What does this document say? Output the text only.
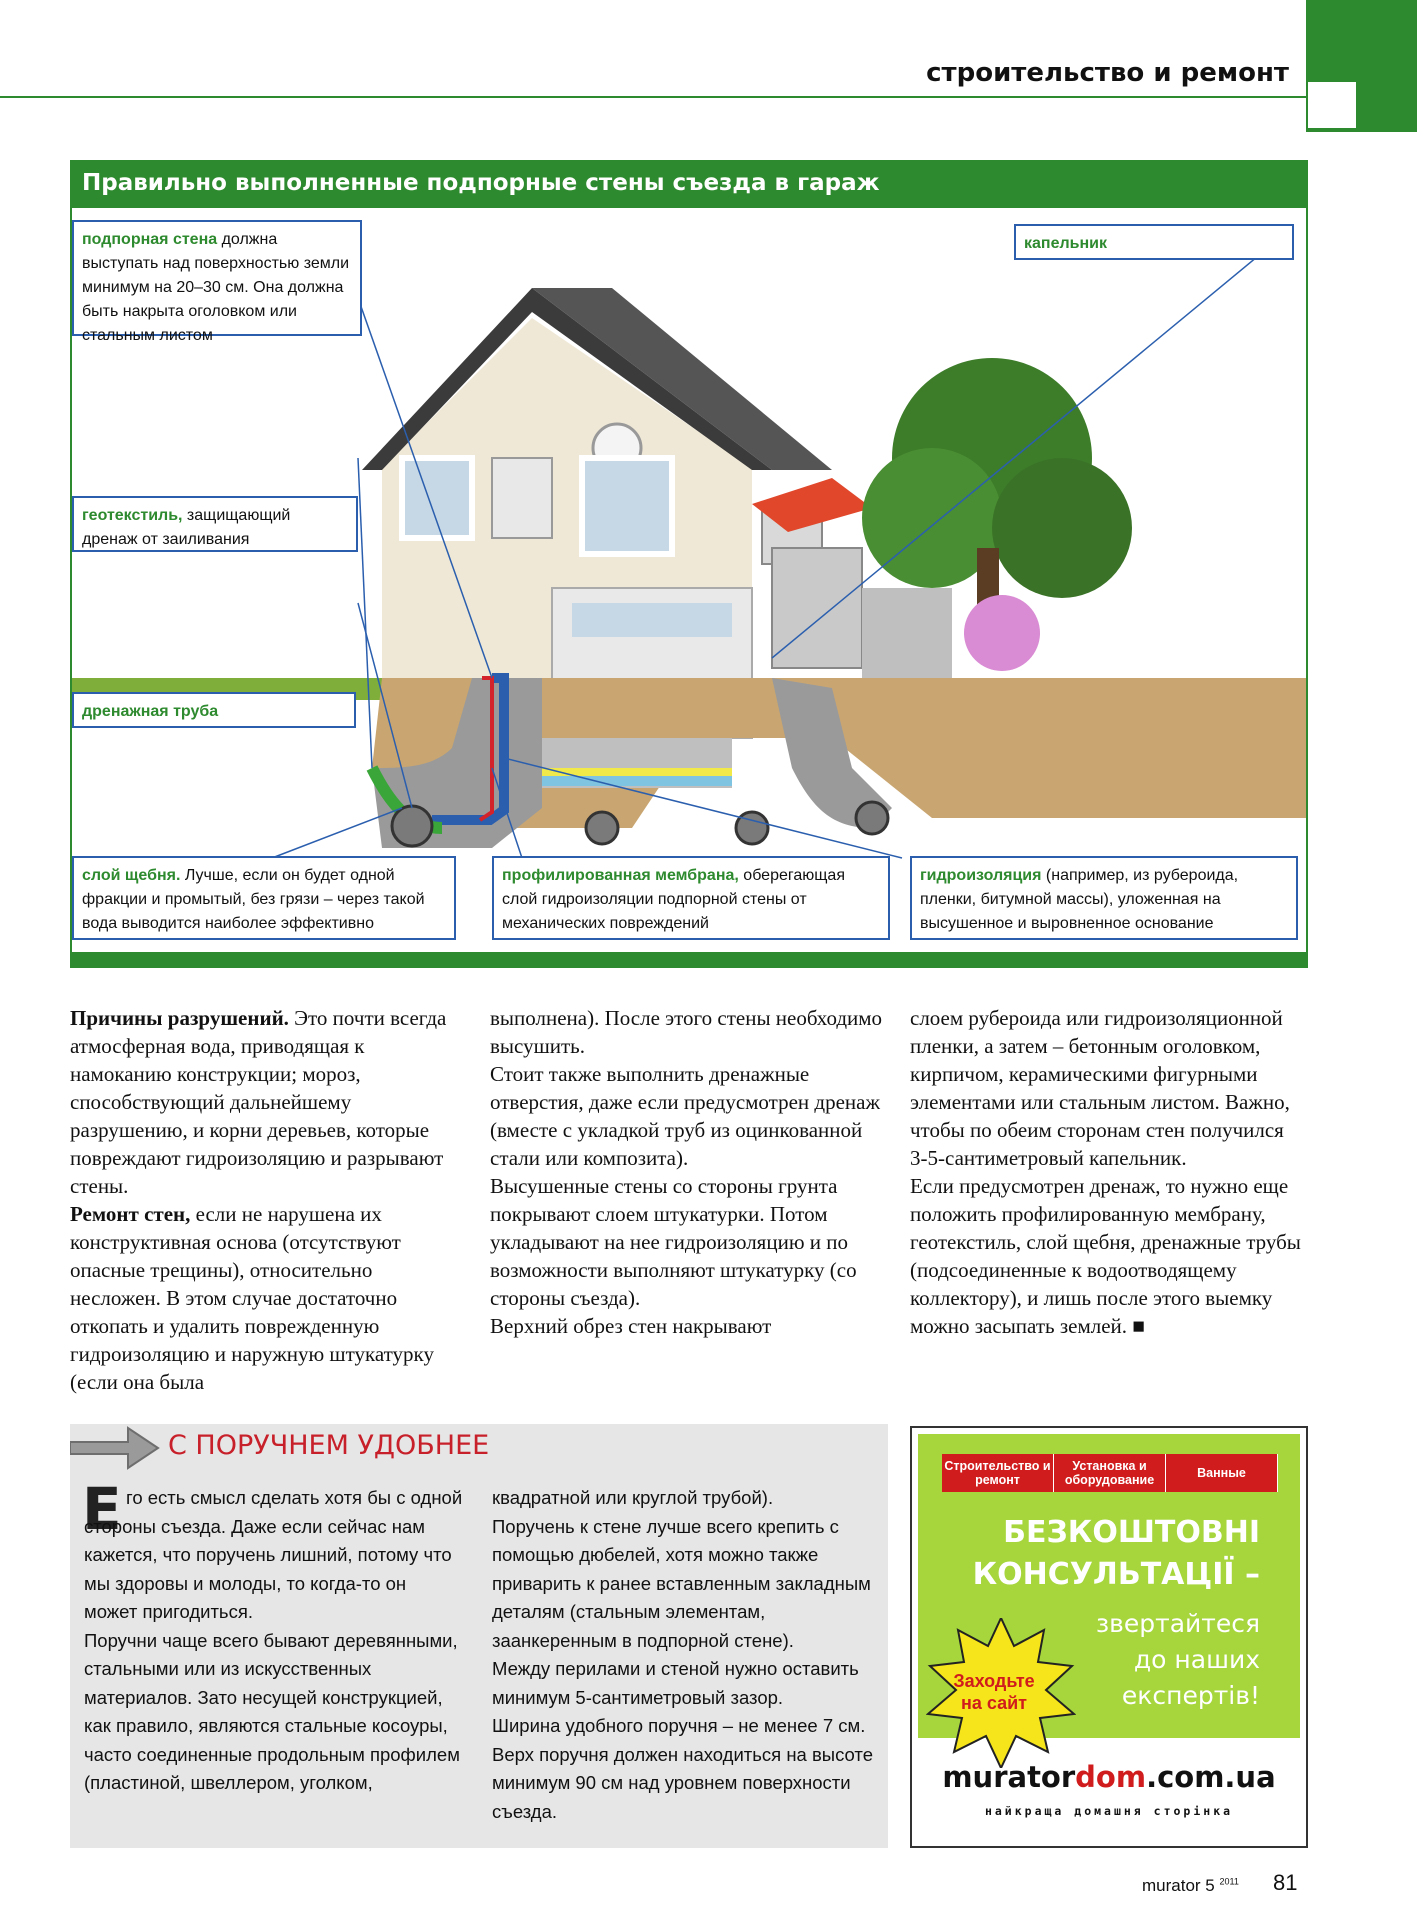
строительство и ремонт
Правильно выполненные подпорные стены съезда в гараж
подпорная стена должна выступать над поверхностью земли минимум на 20–30 см. Она должна быть накрыта оголовком или стальным листом
капельник
геотекстиль, защищающий дренаж от заиливания
дренажная труба
слой щебня. Лучше, если он будет одной фракции и промытый, без грязи – через такой вода выводится наиболее эффективно
профилированная мембрана, оберегающая слой гидроизоляции подпорной стены от механических повреждений
гидроизоляция (например, из рубероида, пленки, битумной массы), уложенная на высушенное и выровненное основание

Причины разрушений. Это почти всегда атмосферная вода, приводящая к намоканию конструкции; мороз, способствующий дальнейшему разрушению, и корни деревьев, которые повреждают гидроизоляцию и разрывают стены.

Ремонт стен, если не нарушена их конструктивная основа (отсутствуют опасные трещины), относительно несложен. В этом случае достаточно откопать и удалить поврежденную гидроизоляцию и наружную штукатурку (если она была

выполнена). После этого стены необходимо высушить.

Стоит также выполнить дренажные отверстия, даже если предусмотрен дренаж (вместе с укладкой труб из оцинкованной стали или композита).

Высушенные стены со стороны грунта покрывают слоем штукатурки. Потом укладывают на нее гидроизоляцию и по возможности выполняют штукатурку (со стороны съезда).

Верхний обрез стен накрывают

слоем рубероида или гидроизоляционной пленки, а затем – бетонным оголовком, кирпичом, керамическими фигурными элементами или стальным листом. Важно, чтобы по обеим сторонам стен получился 3-5-сантиметровый капельник.

Если предусмотрен дренаж, то нужно еще положить профилированную мембрану, геотекстиль, слой щебня, дренажные трубы (подсоединенные к водоотводящему коллектору), и лишь после этого выемку можно засыпать землей. ■

С ПОРУЧНЕМ УДОБНЕЕ
Е го есть смысл сделать хотя бы с одной стороны съезда. Даже если сейчас нам кажется, что поручень лишний, потому что мы здоровы и молоды, то когда-то он может пригодиться.

Поручни чаще всего бывают деревянными, стальными или из искусственных материалов. Зато несущей конструкцией, как правило, являются стальные косоуры, часто соединенные продольным профилем (пластиной, швеллером, уголком,

квадратной или круглой трубой).

Поручень к стене лучше всего крепить с помощью дюбелей, хотя можно также приварить к ранее вставленным закладным деталям (стальным элементам, заанкеренным в подпорной стене).

Между перилами и стеной нужно оставить минимум 5-сантиметровый зазор.

Ширина удобного поручня – не менее 7 см. Верх поручня должен находиться на высоте минимум 90 см над уровнем поверхности съезда.

Строительство и ремонт
Установка и оборудование	Ванные
БЕЗКОШТОВНІ
КОНСУЛЬТАЦІЇ –
звертайтеся
до наших
експертів!
Заходьте на сайт
muratordom.com.ua
найкраща домашня сторінка
murator 5 $^{2011}$ 81
